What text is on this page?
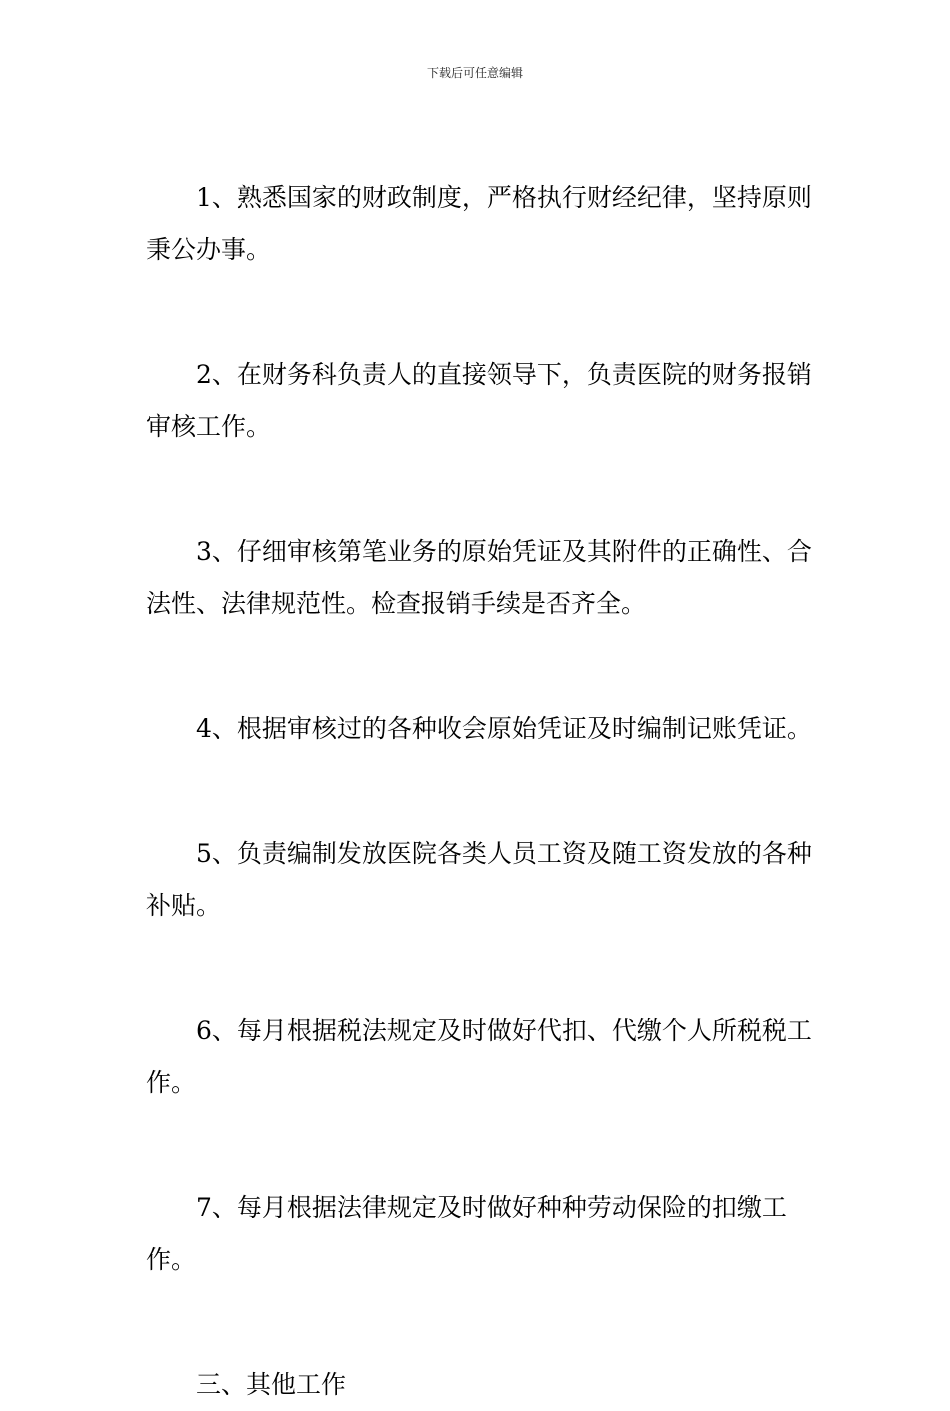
下载后可任意编辑

1、熟悉国家的财政制度，严格执行财经纪律，坚持原则秉公办事。

2、在财务科负责人的直接领导下，负责医院的财务报销审核工作。

3、仔细审核第笔业务的原始凭证及其附件的正确性、合法性、法律规范性。检查报销手续是否齐全。

4、根据审核过的各种收会原始凭证及时编制记账凭证。

5、负责编制发放医院各类人员工资及随工资发放的各种补贴。

6、每月根据税法规定及时做好代扣、代缴个人所税税工作。

7、每月根据法律规定及时做好种种劳动保险的扣缴工作。

三、其他工作
